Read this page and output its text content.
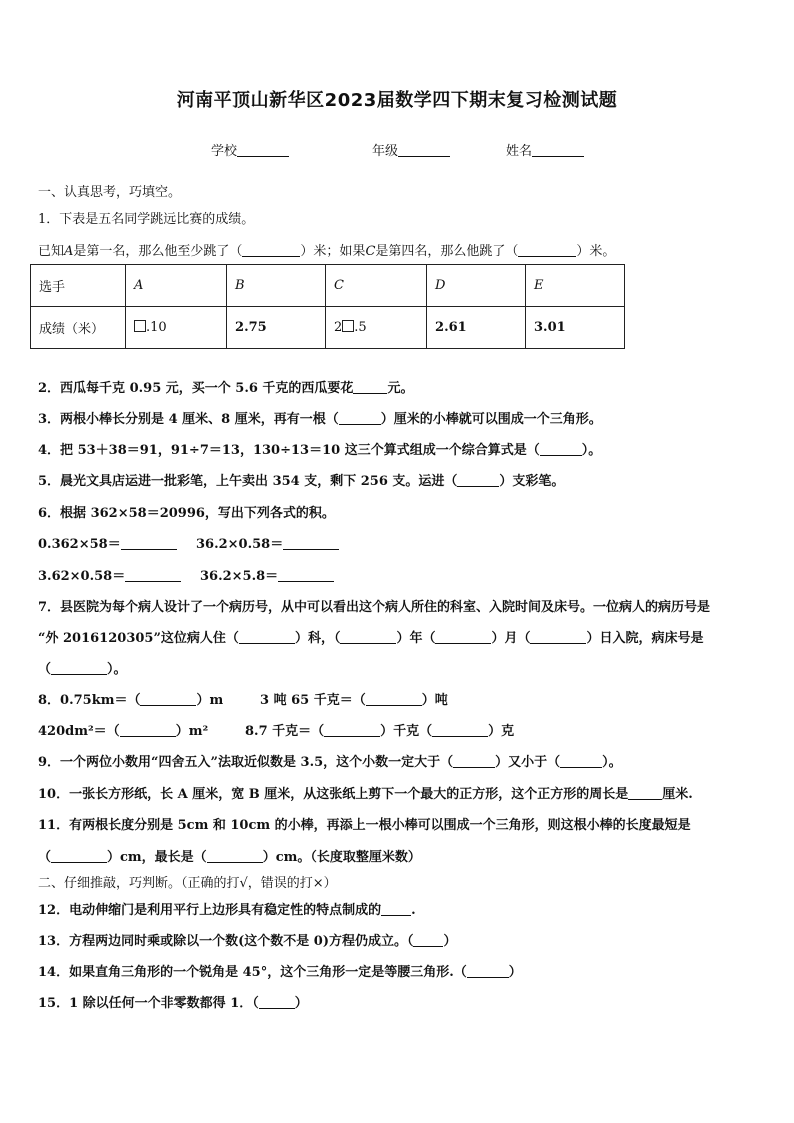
河南平顶山新华区2023届数学四下期末复习检测试题
学校	年级	姓名
一、认真思考，巧填空。
1．下表是五名同学跳远比赛的成绩。
已知A是第一名，那么他至少跳了（	）米；如果C是第四名，那么他跳了（	）米。
选手	A	B	C	D	E
成绩（米）	.10	2.75	2 .5	2.61	3.01
2．西瓜每千克 0.95 元，买一个 5.6 千克的西瓜要花	元。
3．两根小棒长分别是 4 厘米、8 厘米，再有一根（	）厘米的小棒就可以围成一个三角形。
4．把 53＋38＝91，91÷7＝13，130÷13＝10 这三个算式组成一个综合算式是（	）。
5．晨光文具店运进一批彩笔，上午卖出 354 支，剩下 256 支。运进（	）支彩笔。
6．根据 362×58＝20996，写出下列各式的积。
0.362×58＝	36.2×0.58＝
3.62×0.58＝	36.2×5.8＝
7．县医院为每个病人设计了一个病历号，从中可以看出这个病人所住的科室、入院时间及床号。一位病人的病历号是
“外 2016120305”这位病人住（	）科，（	）年（	）月（	）日入院，病床号是
（	）。
8．0.75km＝（	）m	3 吨 65 千克＝（	）吨
420dm²＝（	）m²	8.7 千克＝（	）千克（	）克
9．一个两位小数用“四舍五入”法取近似数是 3.5，这个小数一定大于（	）又小于（	）。
10．一张长方形纸，长 A 厘米，宽 B 厘米，从这张纸上剪下一个最大的正方形，这个正方形的周长是	厘米.
11．有两根长度分别是 5cm 和 10cm 的小棒，再添上一根小棒可以围成一个三角形，则这根小棒的长度最短是
（	）cm，最长是（	）cm。（长度取整厘米数）
二、仔细推敲，巧判断。（正确的打√，错误的打×）
12．电动伸缩门是利用平行上边形具有稳定性的特点制成的 .
13．方程两边同时乘或除以一个数(这个数不是 0)方程仍成立。（ ）
14．如果直角三角形的一个锐角是 45°，这个三角形一定是等腰三角形.（	）
15．1 除以任何一个非零数都得 1．（	）
